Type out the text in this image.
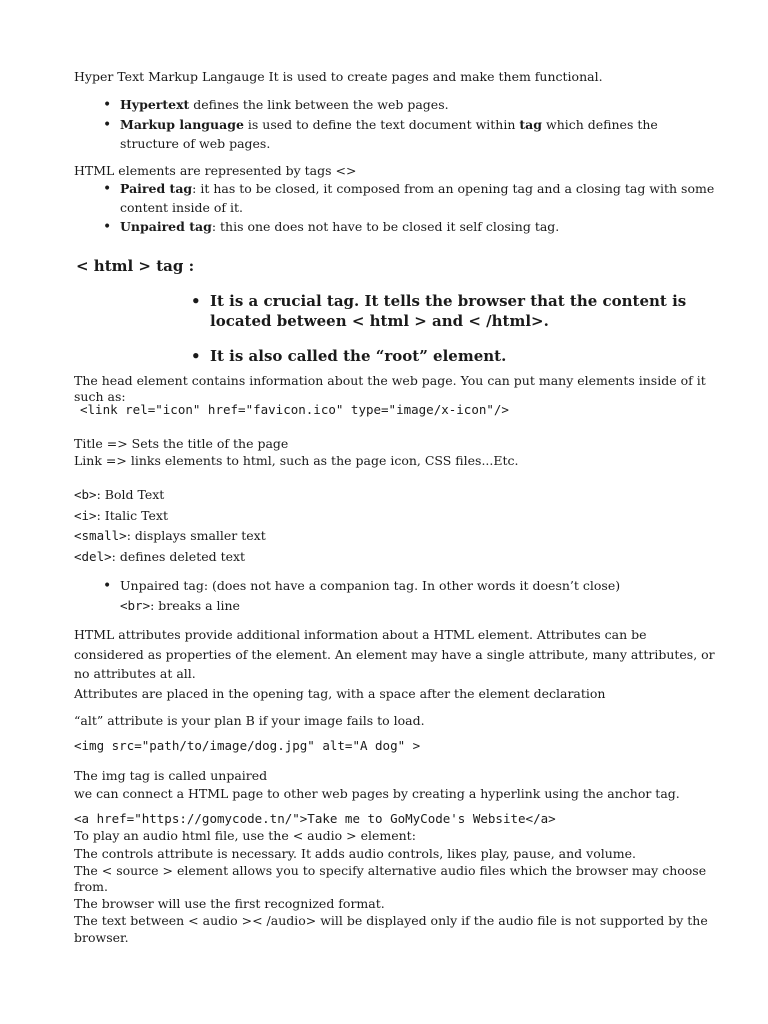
Hyper Text Markup Langauge It is used to create pages and make them functional.
• Hypertext defines the link between the web pages.
• Markup language is used to define the text document within tag which defines the
structure of web pages.
HTML elements are represented by tags <>
• Paired tag: it has to be closed, it composed from an opening tag and a closing tag with some
content inside of it.
• Unpaired tag: this one does not have to be closed it self closing tag.
< html > tag :
• It is a crucial tag. It tells the browser that the content is
located between < html > and < /html>.
• It is also called the “root” element.
The head element contains information about the web page. You can put many elements inside of it
such as:
<link rel="icon" href="favicon.ico" type="image/x-icon"/>
Title => Sets the title of the page
Link => links elements to html, such as the page icon, CSS files...Etc.
<b>: Bold Text
<i>: Italic Text
<small>: displays smaller text
<del>: defines deleted text
• Unpaired tag: (does not have a companion tag. In other words it doesn’t close)
<br>: breaks a line
HTML attributes provide additional information about a HTML element. Attributes can be
considered as properties of the element. An element may have a single attribute, many attributes, or
no attributes at all.
Attributes are placed in the opening tag, with a space after the element declaration
“alt” attribute is your plan B if your image fails to load.
<img src="path/to/image/dog.jpg" alt="A dog" >
The img tag is called unpaired
we can connect a HTML page to other web pages by creating a hyperlink using the anchor tag.
<a href="https://gomycode.tn/">Take me to GoMyCode's Website</a>
To play an audio html file, use the < audio > element:
The controls attribute is necessary. It adds audio controls, likes play, pause, and volume.
The < source > element allows you to specify alternative audio files which the browser may choose
from.
The browser will use the first recognized format.
The text between < audio >< /audio> will be displayed only if the audio file is not supported by the
browser.
